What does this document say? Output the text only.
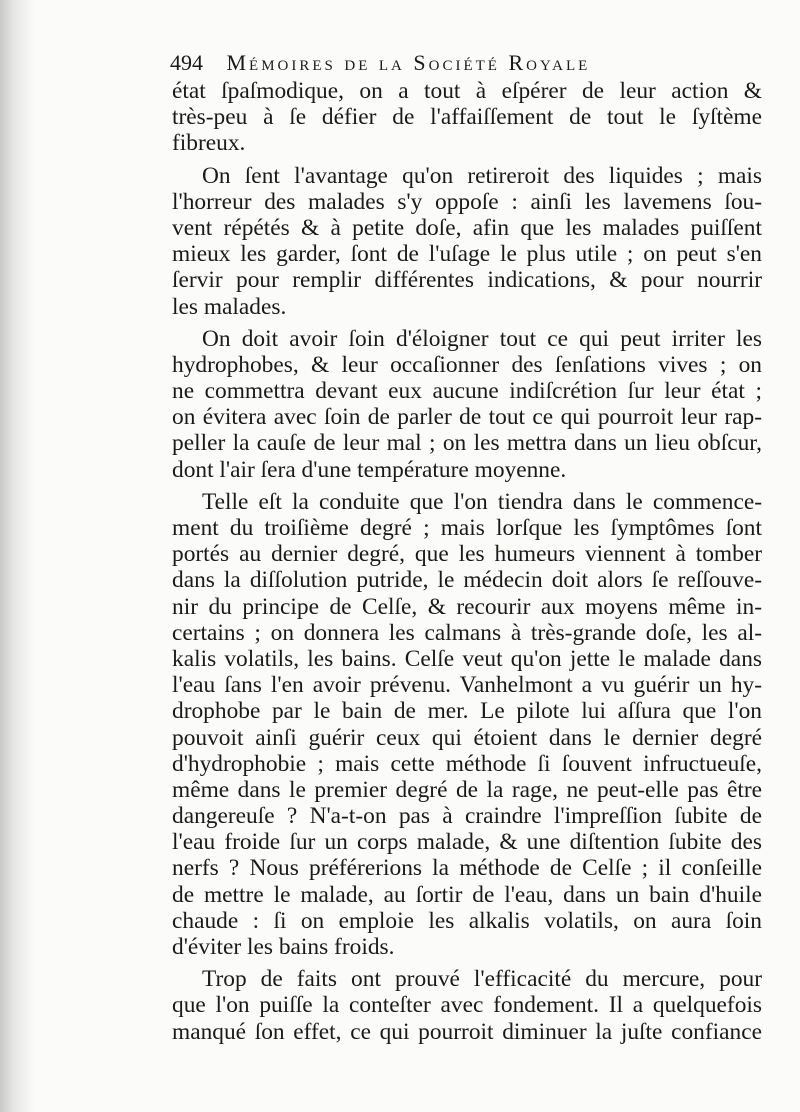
494 Mémoires de la Société Royale
état ſpaſmodique, on a tout à eſpérer de leur action &
très-peu à ſe défier de l'affaiſſement de tout le ſyſtème
fibreux.
On ſent l'avantage qu'on retireroit des liquides ; mais
l'horreur des malades s'y oppoſe : ainſi les lavemens ſou-
vent répétés & à petite doſe, afin que les malades puiſſent
mieux les garder, ſont de l'uſage le plus utile ; on peut s'en
ſervir pour remplir différentes indications, & pour nourrir
les malades.
On doit avoir ſoin d'éloigner tout ce qui peut irriter les
hydrophobes, & leur occaſionner des ſenſations vives ; on
ne commettra devant eux aucune indiſcrétion ſur leur état ;
on évitera avec ſoin de parler de tout ce qui pourroit leur rap-
peller la cauſe de leur mal ; on les mettra dans un lieu obſcur,
dont l'air ſera d'une température moyenne.
Telle eſt la conduite que l'on tiendra dans le commence-
ment du troiſième degré ; mais lorſque les ſymptômes ſont
portés au dernier degré, que les humeurs viennent à tomber
dans la diſſolution putride, le médecin doit alors ſe reſſouve-
nir du principe de Celſe, & recourir aux moyens même in-
certains ; on donnera les calmans à très-grande doſe, les al-
kalis volatils, les bains. Celſe veut qu'on jette le malade dans
l'eau ſans l'en avoir prévenu. Vanhelmont a vu guérir un hy-
drophobe par le bain de mer. Le pilote lui aſſura que l'on
pouvoit ainſi guérir ceux qui étoient dans le dernier degré
d'hydrophobie ; mais cette méthode ſi ſouvent infructueuſe,
même dans le premier degré de la rage, ne peut-elle pas être
dangereuſe ? N'a-t-on pas à craindre l'impreſſion ſubite de
l'eau froide ſur un corps malade, & une diſtention ſubite des
nerfs ? Nous préférerions la méthode de Celſe ; il conſeille
de mettre le malade, au ſortir de l'eau, dans un bain d'huile
chaude : ſi on emploie les alkalis volatils, on aura ſoin
d'éviter les bains froids.
Trop de faits ont prouvé l'efficacité du mercure, pour
que l'on puiſſe la conteſter avec fondement. Il a quelquefois
manqué ſon effet, ce qui pourroit diminuer la juſte confiance
